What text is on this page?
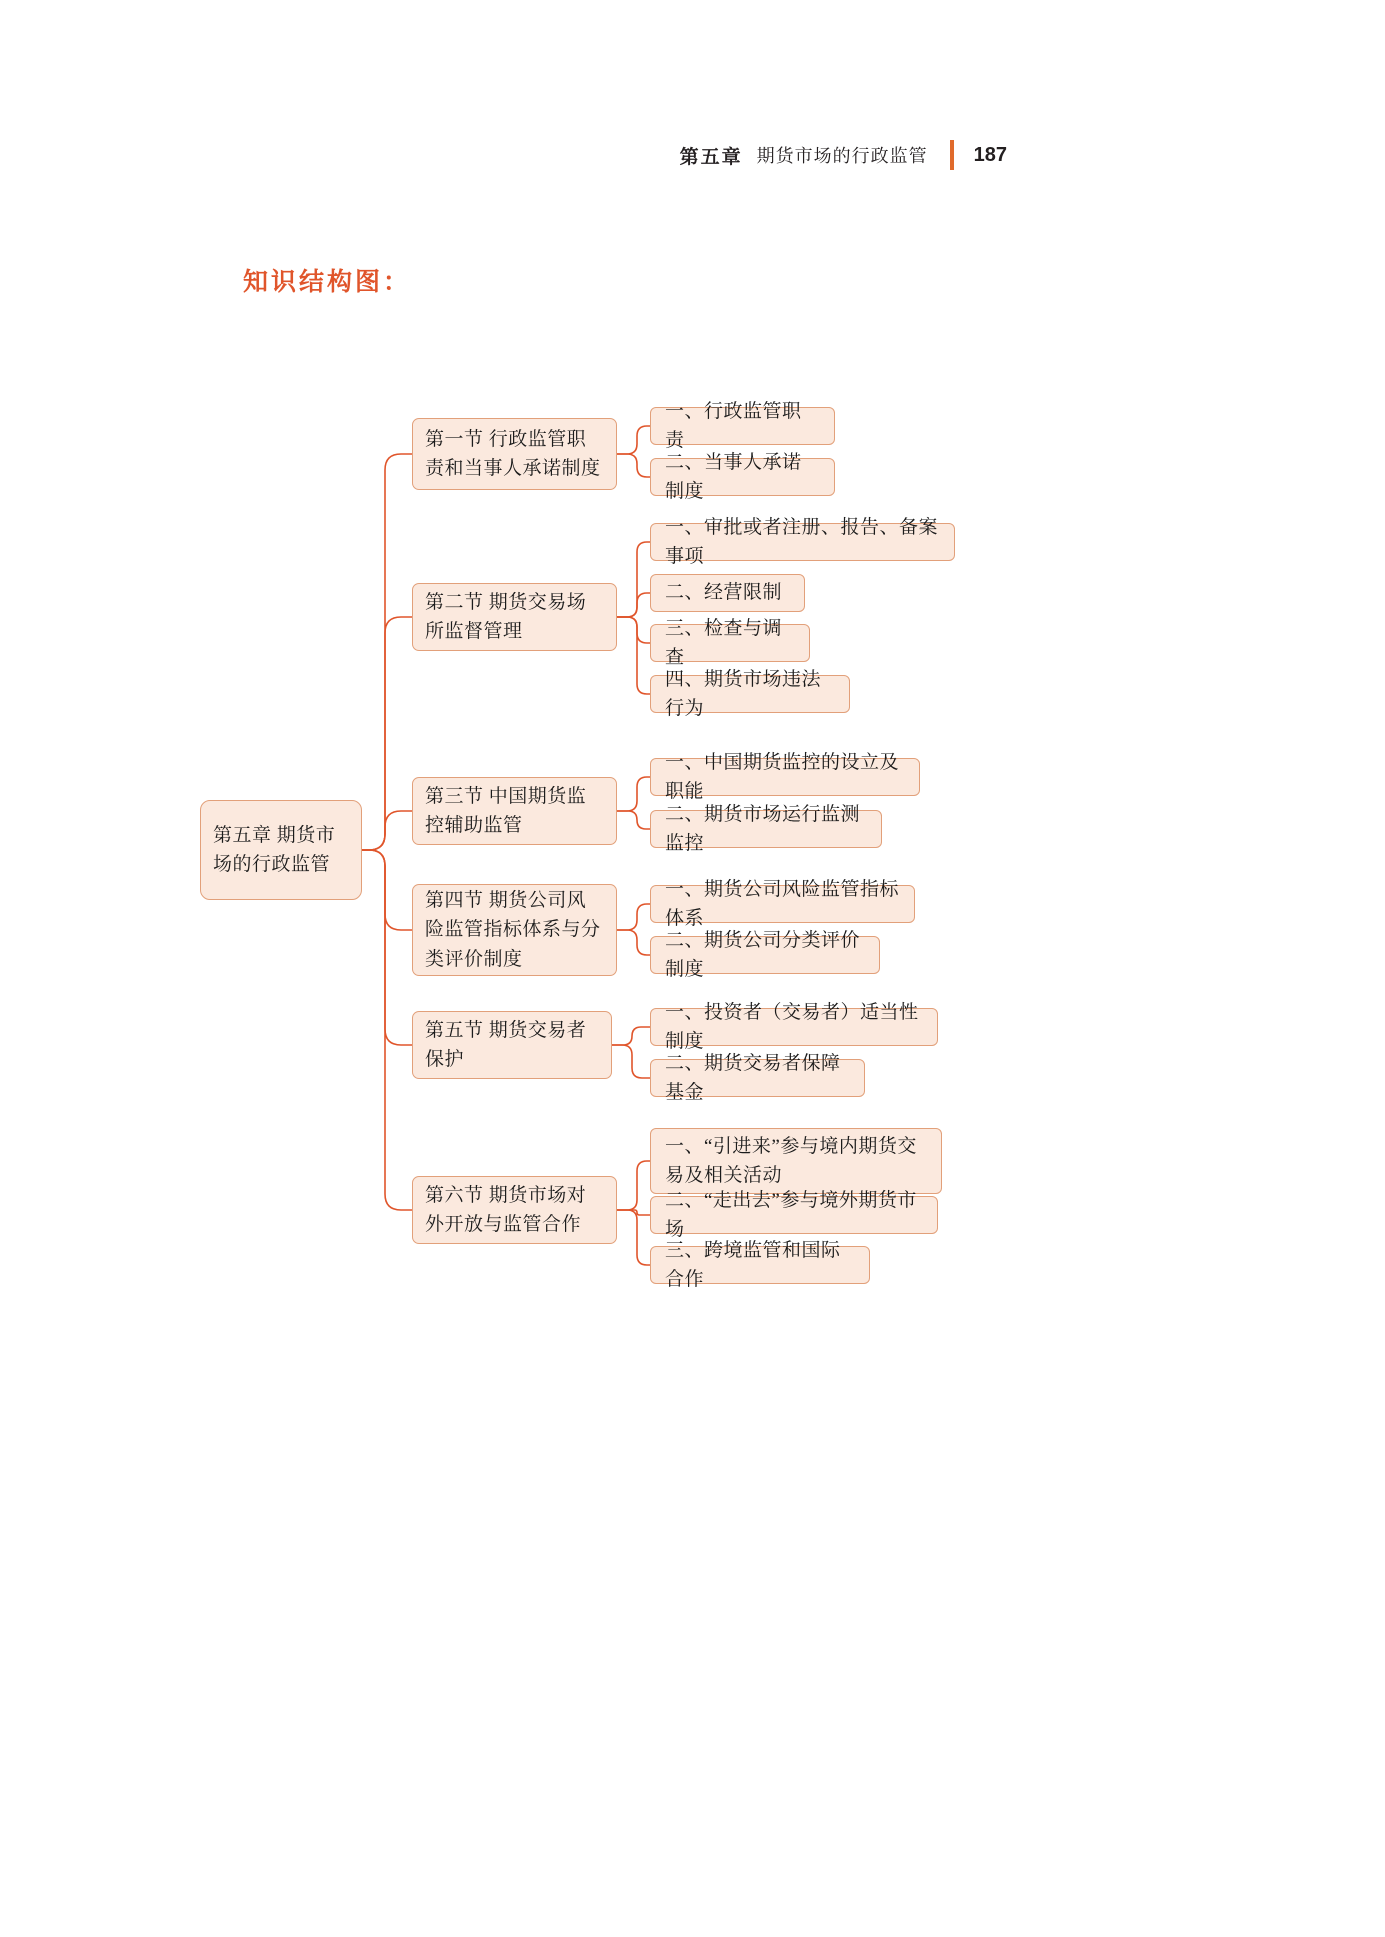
第五章 期货市场的行政监管 187
知识结构图：
第五章 期货市场的行政监管
第一节 行政监管职责和当事人承诺制度
第二节 期货交易场所监督管理
第三节 中国期货监控辅助监管
第四节 期货公司风险监管指标体系与分类评价制度
第五节 期货交易者保护
第六节 期货市场对外开放与监管合作
一、行政监管职责
二、当事人承诺制度
一、审批或者注册、报告、备案事项
二、经营限制
三、检查与调查
四、期货市场违法行为
一、中国期货监控的设立及职能
二、期货市场运行监测监控
一、期货公司风险监管指标体系
二、期货公司分类评价制度
一、投资者（交易者）适当性制度
二、期货交易者保障基金
一、“引进来”参与境内期货交易及相关活动
二、“走出去”参与境外期货市场
三、跨境监管和国际合作
